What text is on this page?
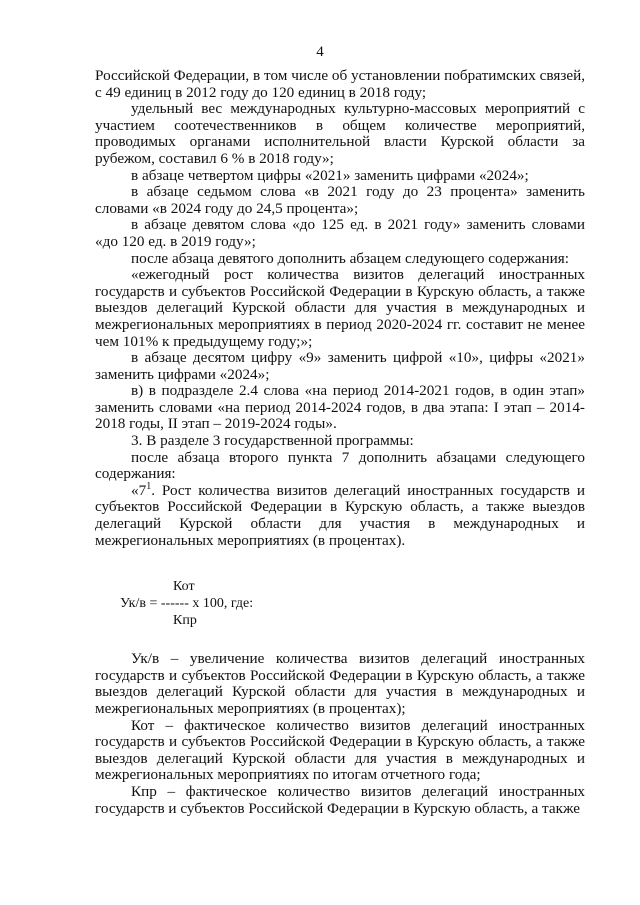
4

Российской Федерации, в том числе об установлении побратимских связей, с 49 единиц в 2012 году до 120 единиц в 2018 году;

удельный вес международных культурно-массовых мероприятий с участием соотечественников в общем количестве мероприятий, проводимых органами исполнительной власти Курской области за рубежом, составил 6 % в 2018 году»;

в абзаце четвертом цифры «2021» заменить цифрами «2024»;

в абзаце седьмом слова «в 2021 году до 23 процента» заменить словами «в 2024 году до 24,5 процента»;

в абзаце девятом слова «до 125 ед. в 2021 году» заменить словами «до 120 ед. в 2019 году»;

после абзаца девятого дополнить абзацем следующего содержания:

«ежегодный рост количества визитов делегаций иностранных государств и субъектов Российской Федерации в Курскую область, а также выездов делегаций Курской области для участия в международных и межрегиональных мероприятиях в период 2020-2024 гг. составит не менее чем 101% к предыдущему году;»;

в абзаце десятом цифру «9» заменить цифрой «10», цифры «2021» заменить цифрами «2024»;

в) в подразделе 2.4 слова «на период 2014-2021 годов, в один этап» заменить словами «на период 2014-2024 годов, в два этапа: I этап – 2014-2018 годы, II этап – 2019-2024 годы».

3. В разделе 3 государственной программы:

после абзаца второго пункта 7 дополнить абзацами следующего содержания:

«$7^1$. Рост количества визитов делегаций иностранных государств и субъектов Российской Федерации в Курскую область, а также выездов делегаций Курской области для участия в международных и межрегиональных мероприятиях (в процентах).

Кот
Ук/в = ------ x 100, где:
Кпр

Ук/в – увеличение количества визитов делегаций иностранных государств и субъектов Российской Федерации в Курскую область, а также выездов делегаций Курской области для участия в международных и межрегиональных мероприятиях (в процентах);

Кот – фактическое количество визитов делегаций иностранных государств и субъектов Российской Федерации в Курскую область, а также выездов делегаций Курской области для участия в международных и межрегиональных мероприятиях по итогам отчетного года;

Кпр – фактическое количество визитов делегаций иностранных государств и субъектов Российской Федерации в Курскую область, а также
